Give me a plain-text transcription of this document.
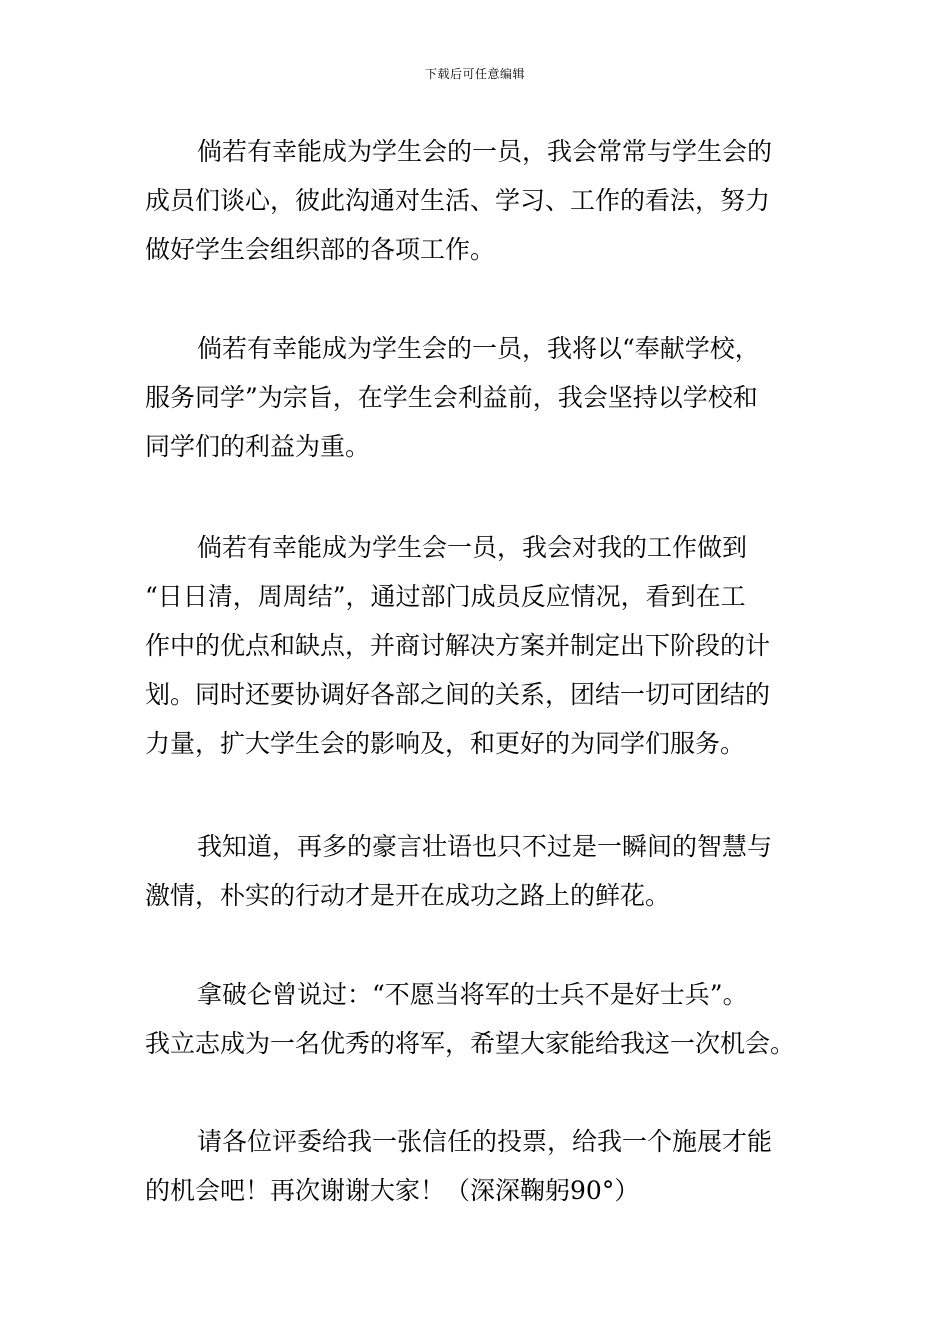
下载后可任意编辑
倘若有幸能成为学生会的一员，我会常常与学生会的
成员们谈心，彼此沟通对生活、学习、工作的看法，努力
做好学生会组织部的各项工作。
倘若有幸能成为学生会的一员，我将以“奉献学校，
服务同学”为宗旨，在学生会利益前，我会坚持以学校和
同学们的利益为重。
倘若有幸能成为学生会一员，我会对我的工作做到
“日日清，周周结”，通过部门成员反应情况，看到在工
作中的优点和缺点，并商讨解决方案并制定出下阶段的计
划。同时还要协调好各部之间的关系，团结一切可团结的
力量，扩大学生会的影响及，和更好的为同学们服务。
我知道，再多的豪言壮语也只不过是一瞬间的智慧与
激情，朴实的行动才是开在成功之路上的鲜花。
拿破仑曾说过：“不愿当将军的士兵不是好士兵”。
我立志成为一名优秀的将军，希望大家能给我这一次机会。
请各位评委给我一张信任的投票，给我一个施展才能
的机会吧！再次谢谢大家！（深深鞠躬90°）
